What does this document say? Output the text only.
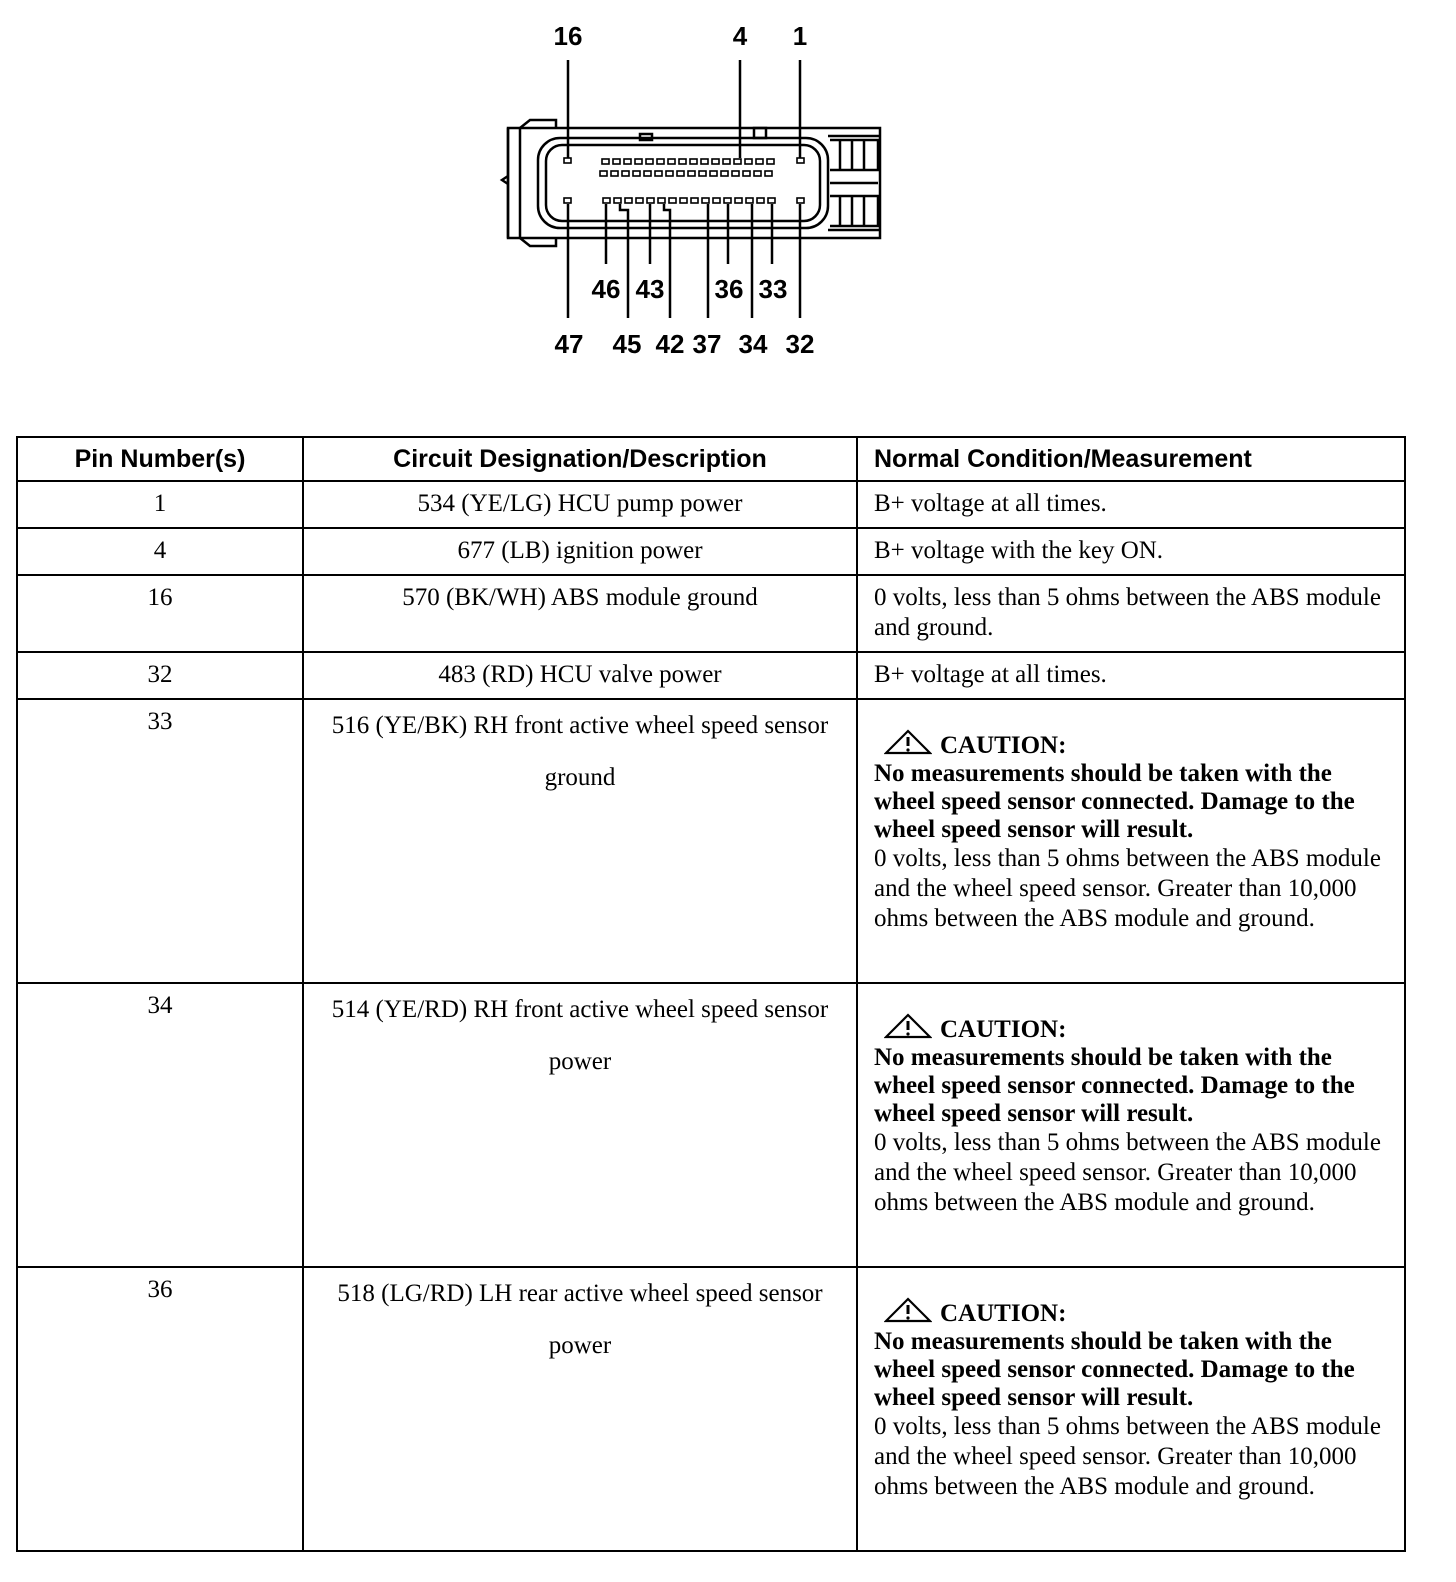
16	4 1
46 43 36 33
47 45 42 37 34 32
Pin Number(s)	Circuit Designation/Description	Normal Condition/Measurement
1	534 (YE/LG) HCU pump power	B+ voltage at all times.
4	677 (LB) ignition power	B+ voltage with the key ON.
16	570 (BK/WH) ABS module ground	0 volts, less than 5 ohms between the ABS module and ground.
32	483 (RD) HCU valve power	B+ voltage at all times.
33	516 (YE/BK) RH front active wheel speed sensor ground	CAUTION:
No measurements should be taken with the wheel speed sensor connected. Damage to the wheel speed sensor will result.
0 volts, less than 5 ohms between the ABS module and the wheel speed sensor. Greater than 10,000 ohms between the ABS module and ground.

34	514 (YE/RD) RH front active wheel speed sensor power	CAUTION:
No measurements should be taken with the wheel speed sensor connected. Damage to the wheel speed sensor will result.
0 volts, less than 5 ohms between the ABS module and the wheel speed sensor. Greater than 10,000 ohms between the ABS module and ground.

36	518 (LG/RD) LH rear active wheel speed sensor power	CAUTION:
No measurements should be taken with the wheel speed sensor connected. Damage to the wheel speed sensor will result.
0 volts, less than 5 ohms between the ABS module and the wheel speed sensor. Greater than 10,000 ohms between the ABS module and ground.
